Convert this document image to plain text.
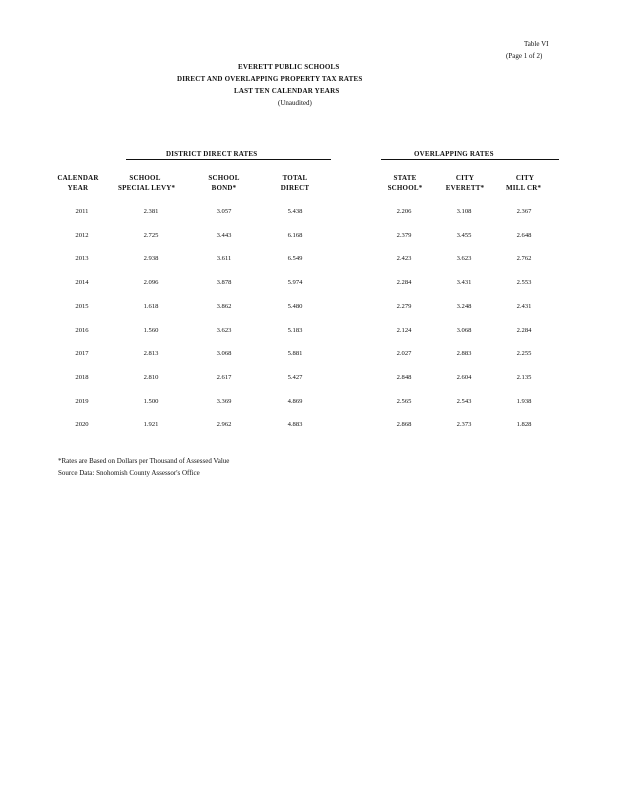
Table VI
(Page 1 of 2)
EVERETT PUBLIC SCHOOLS
DIRECT AND OVERLAPPING PROPERTY TAX RATES
LAST TEN CALENDAR YEARS
(Unaudited)
DISTRICT DIRECT RATES	OVERLAPPING RATES
CALENDAR
YEAR
SCHOOL
SPECIAL LEVY*
SCHOOL
BOND*
TOTAL
DIRECT
STATE
SCHOOL*
CITY
EVERETT*
CITY
MILL CR*
2011	2.381	3.057	5.438	2.206	3.108	2.367
2012	2.725	3.443	6.168	2.379	3.455	2.648
2013	2.938	3.611	6.549	2.423	3.623	2.762
2014	2.096	3.878	5.974	2.284	3.431	2.553
2015	1.618	3.862	5.480	2.279	3.248	2.431
2016	1.560	3.623	5.183	2.124	3.068	2.284
2017	2.813	3.068	5.881	2.027	2.883	2.255
2018	2.810	2.617	5.427	2.848	2.604	2.135
2019	1.500	3.369	4.869	2.565	2.543	1.938
2020	1.921	2.962	4.883	2.868	2.373	1.828
*Rates are Based on Dollars per Thousand of Assessed Value
Source Data: Snohomish County Assessor's Office
